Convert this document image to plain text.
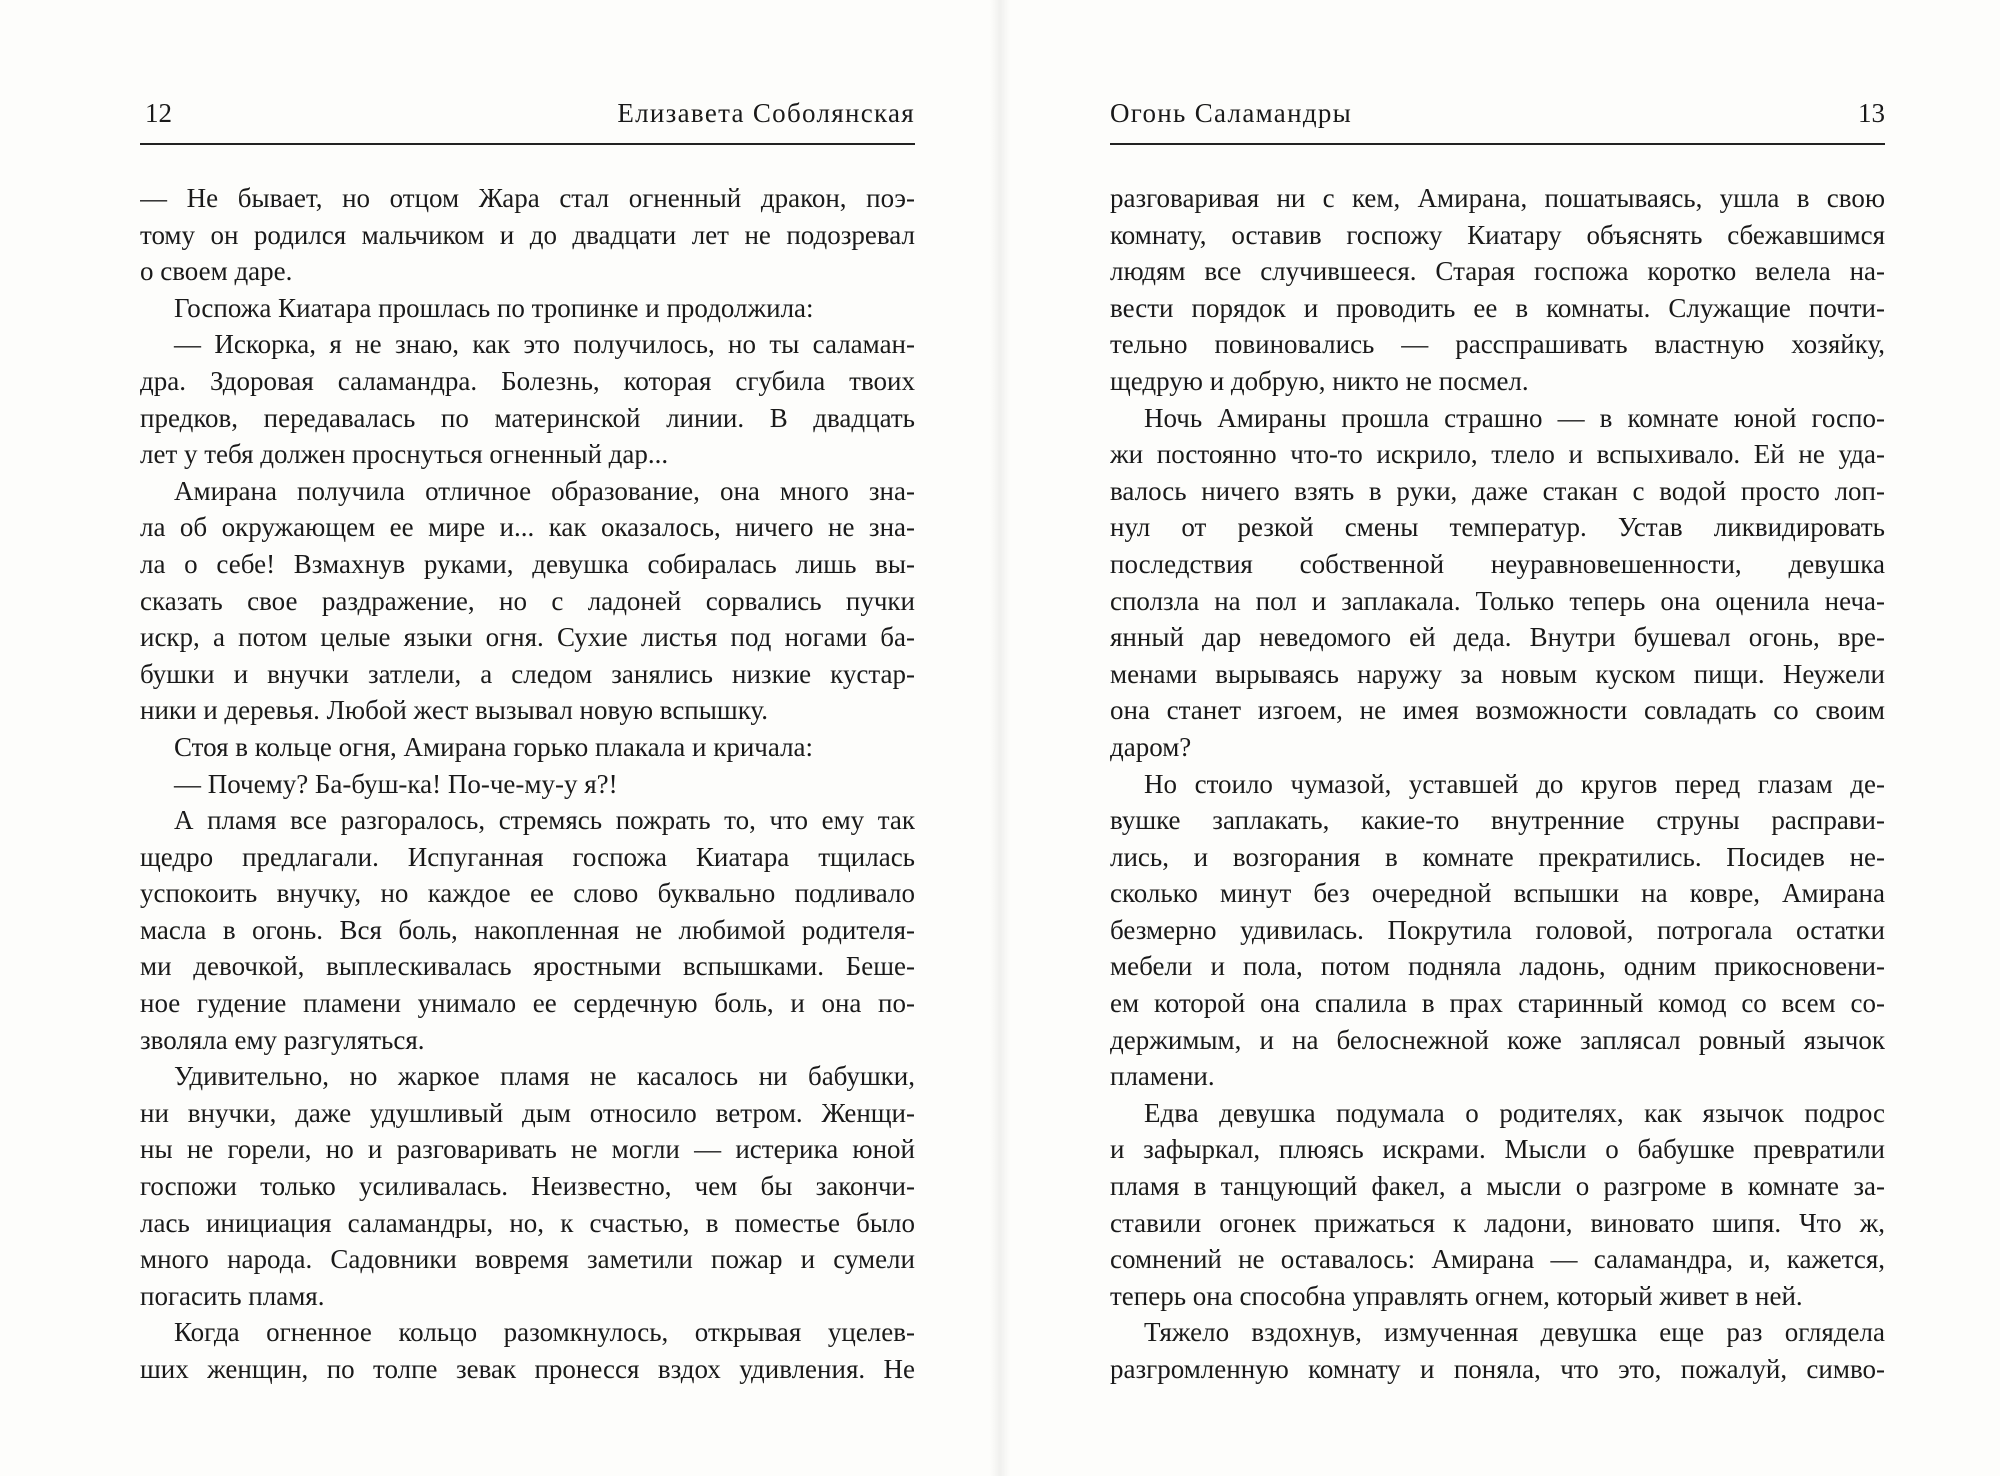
12	Елизавета Соболянская
— Не бывает, но отцом Жара стал огненный дракон, поэ-
тому он родился мальчиком и до двадцати лет не подозревал
о своем даре.
Госпожа Киатара прошлась по тропинке и продолжила:
— Искорка, я не знаю, как это получилось, но ты саламан-
дра. Здоровая саламандра. Болезнь, которая сгубила твоих
предков, передавалась по материнской линии. В двадцать
лет у тебя должен проснуться огненный дар...
Амирана получила отличное образование, она много зна-
ла об окружающем ее мире и... как оказалось, ничего не зна-
ла о себе! Взмахнув руками, девушка собиралась лишь вы-
сказать свое раздражение, но с ладоней сорвались пучки
искр, а потом целые языки огня. Сухие листья под ногами ба-
бушки и внучки затлели, а следом занялись низкие кустар-
ники и деревья. Любой жест вызывал новую вспышку.
Стоя в кольце огня, Амирана горько плакала и кричала:
— Почему? Ба-буш-ка! По-че-му-у я?!
А пламя все разгоралось, стремясь пожрать то, что ему так
щедро предлагали. Испуганная госпожа Киатара тщилась
успокоить внучку, но каждое ее слово буквально подливало
масла в огонь. Вся боль, накопленная не любимой родителя-
ми девочкой, выплескивалась яростными вспышками. Беше-
ное гудение пламени унимало ее сердечную боль, и она по-
зволяла ему разгуляться.
Удивительно, но жаркое пламя не касалось ни бабушки,
ни внучки, даже удушливый дым относило ветром. Женщи-
ны не горели, но и разговаривать не могли — истерика юной
госпожи только усиливалась. Неизвестно, чем бы закончи-
лась инициация саламандры, но, к счастью, в поместье было
много народа. Садовники вовремя заметили пожар и сумели
погасить пламя.
Когда огненное кольцо разомкнулось, открывая уцелев-
ших женщин, по толпе зевак пронесся вздох удивления. Не
Огонь Саламандры	13
разговаривая ни с кем, Амирана, пошатываясь, ушла в свою
комнату, оставив госпожу Киатару объяснять сбежавшимся
людям все случившееся. Старая госпожа коротко велела на-
вести порядок и проводить ее в комнаты. Служащие почти-
тельно повиновались — расспрашивать властную хозяйку,
щедрую и добрую, никто не посмел.
Ночь Амираны прошла страшно — в комнате юной госпо-
жи постоянно что-то искрило, тлело и вспыхивало. Ей не уда-
валось ничего взять в руки, даже стакан с водой просто лоп-
нул от резкой смены температур. Устав ликвидировать
последствия собственной неуравновешенности, девушка
сползла на пол и заплакала. Только теперь она оценила неча-
янный дар неведомого ей деда. Внутри бушевал огонь, вре-
менами вырываясь наружу за новым куском пищи. Неужели
она станет изгоем, не имея возможности совладать со своим
даром?
Но стоило чумазой, уставшей до кругов перед глазам де-
вушке заплакать, какие-то внутренние струны расправи-
лись, и возгорания в комнате прекратились. Посидев не-
сколько минут без очередной вспышки на ковре, Амирана
безмерно удивилась. Покрутила головой, потрогала остатки
мебели и пола, потом подняла ладонь, одним прикосновени-
ем которой она спалила в прах старинный комод со всем со-
держимым, и на белоснежной коже заплясал ровный язычок
пламени.
Едва девушка подумала о родителях, как язычок подрос
и зафыркал, плюясь искрами. Мысли о бабушке превратили
пламя в танцующий факел, а мысли о разгроме в комнате за-
ставили огонек прижаться к ладони, виновато шипя. Что ж,
сомнений не оставалось: Амирана — саламандра, и, кажется,
теперь она способна управлять огнем, который живет в ней.
Тяжело вздохнув, измученная девушка еще раз оглядела
разгромленную комнату и поняла, что это, пожалуй, симво-
